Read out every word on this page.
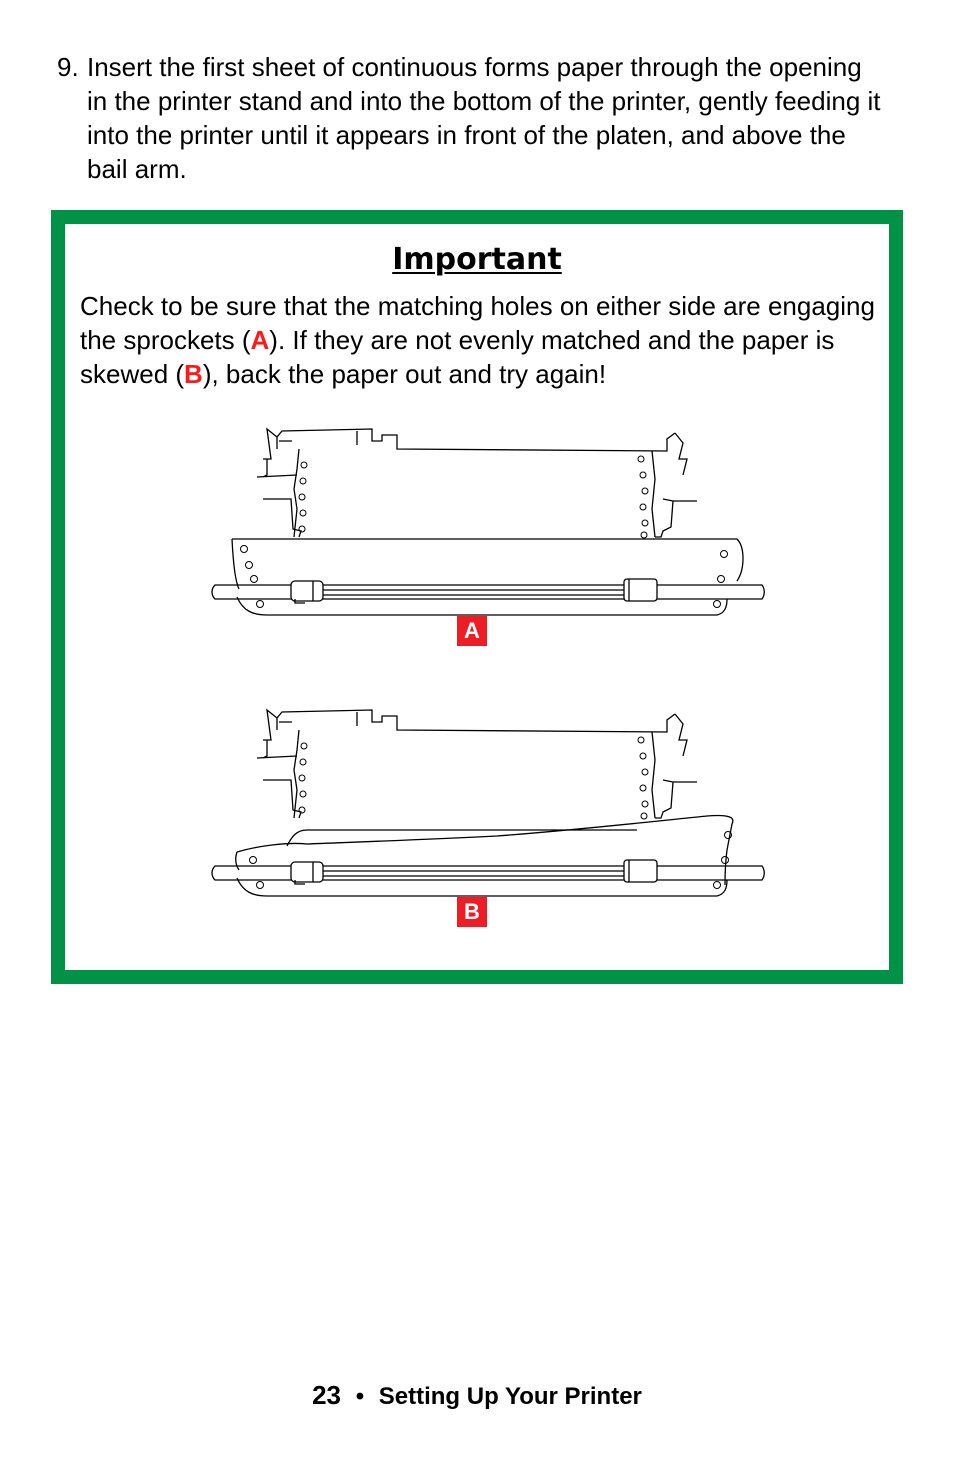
9. Insert the first sheet of continuous forms paper through the opening in the printer stand and into the bottom of the printer, gently feeding it into the printer until it appears in front of the platen, and above the bail arm.
Important
Check to be sure that the matching holes on either side are engaging the sprockets (A). If they are not evenly matched and the paper is skewed (B), back the paper out and try again!
A
B
23 • Setting Up Your Printer
